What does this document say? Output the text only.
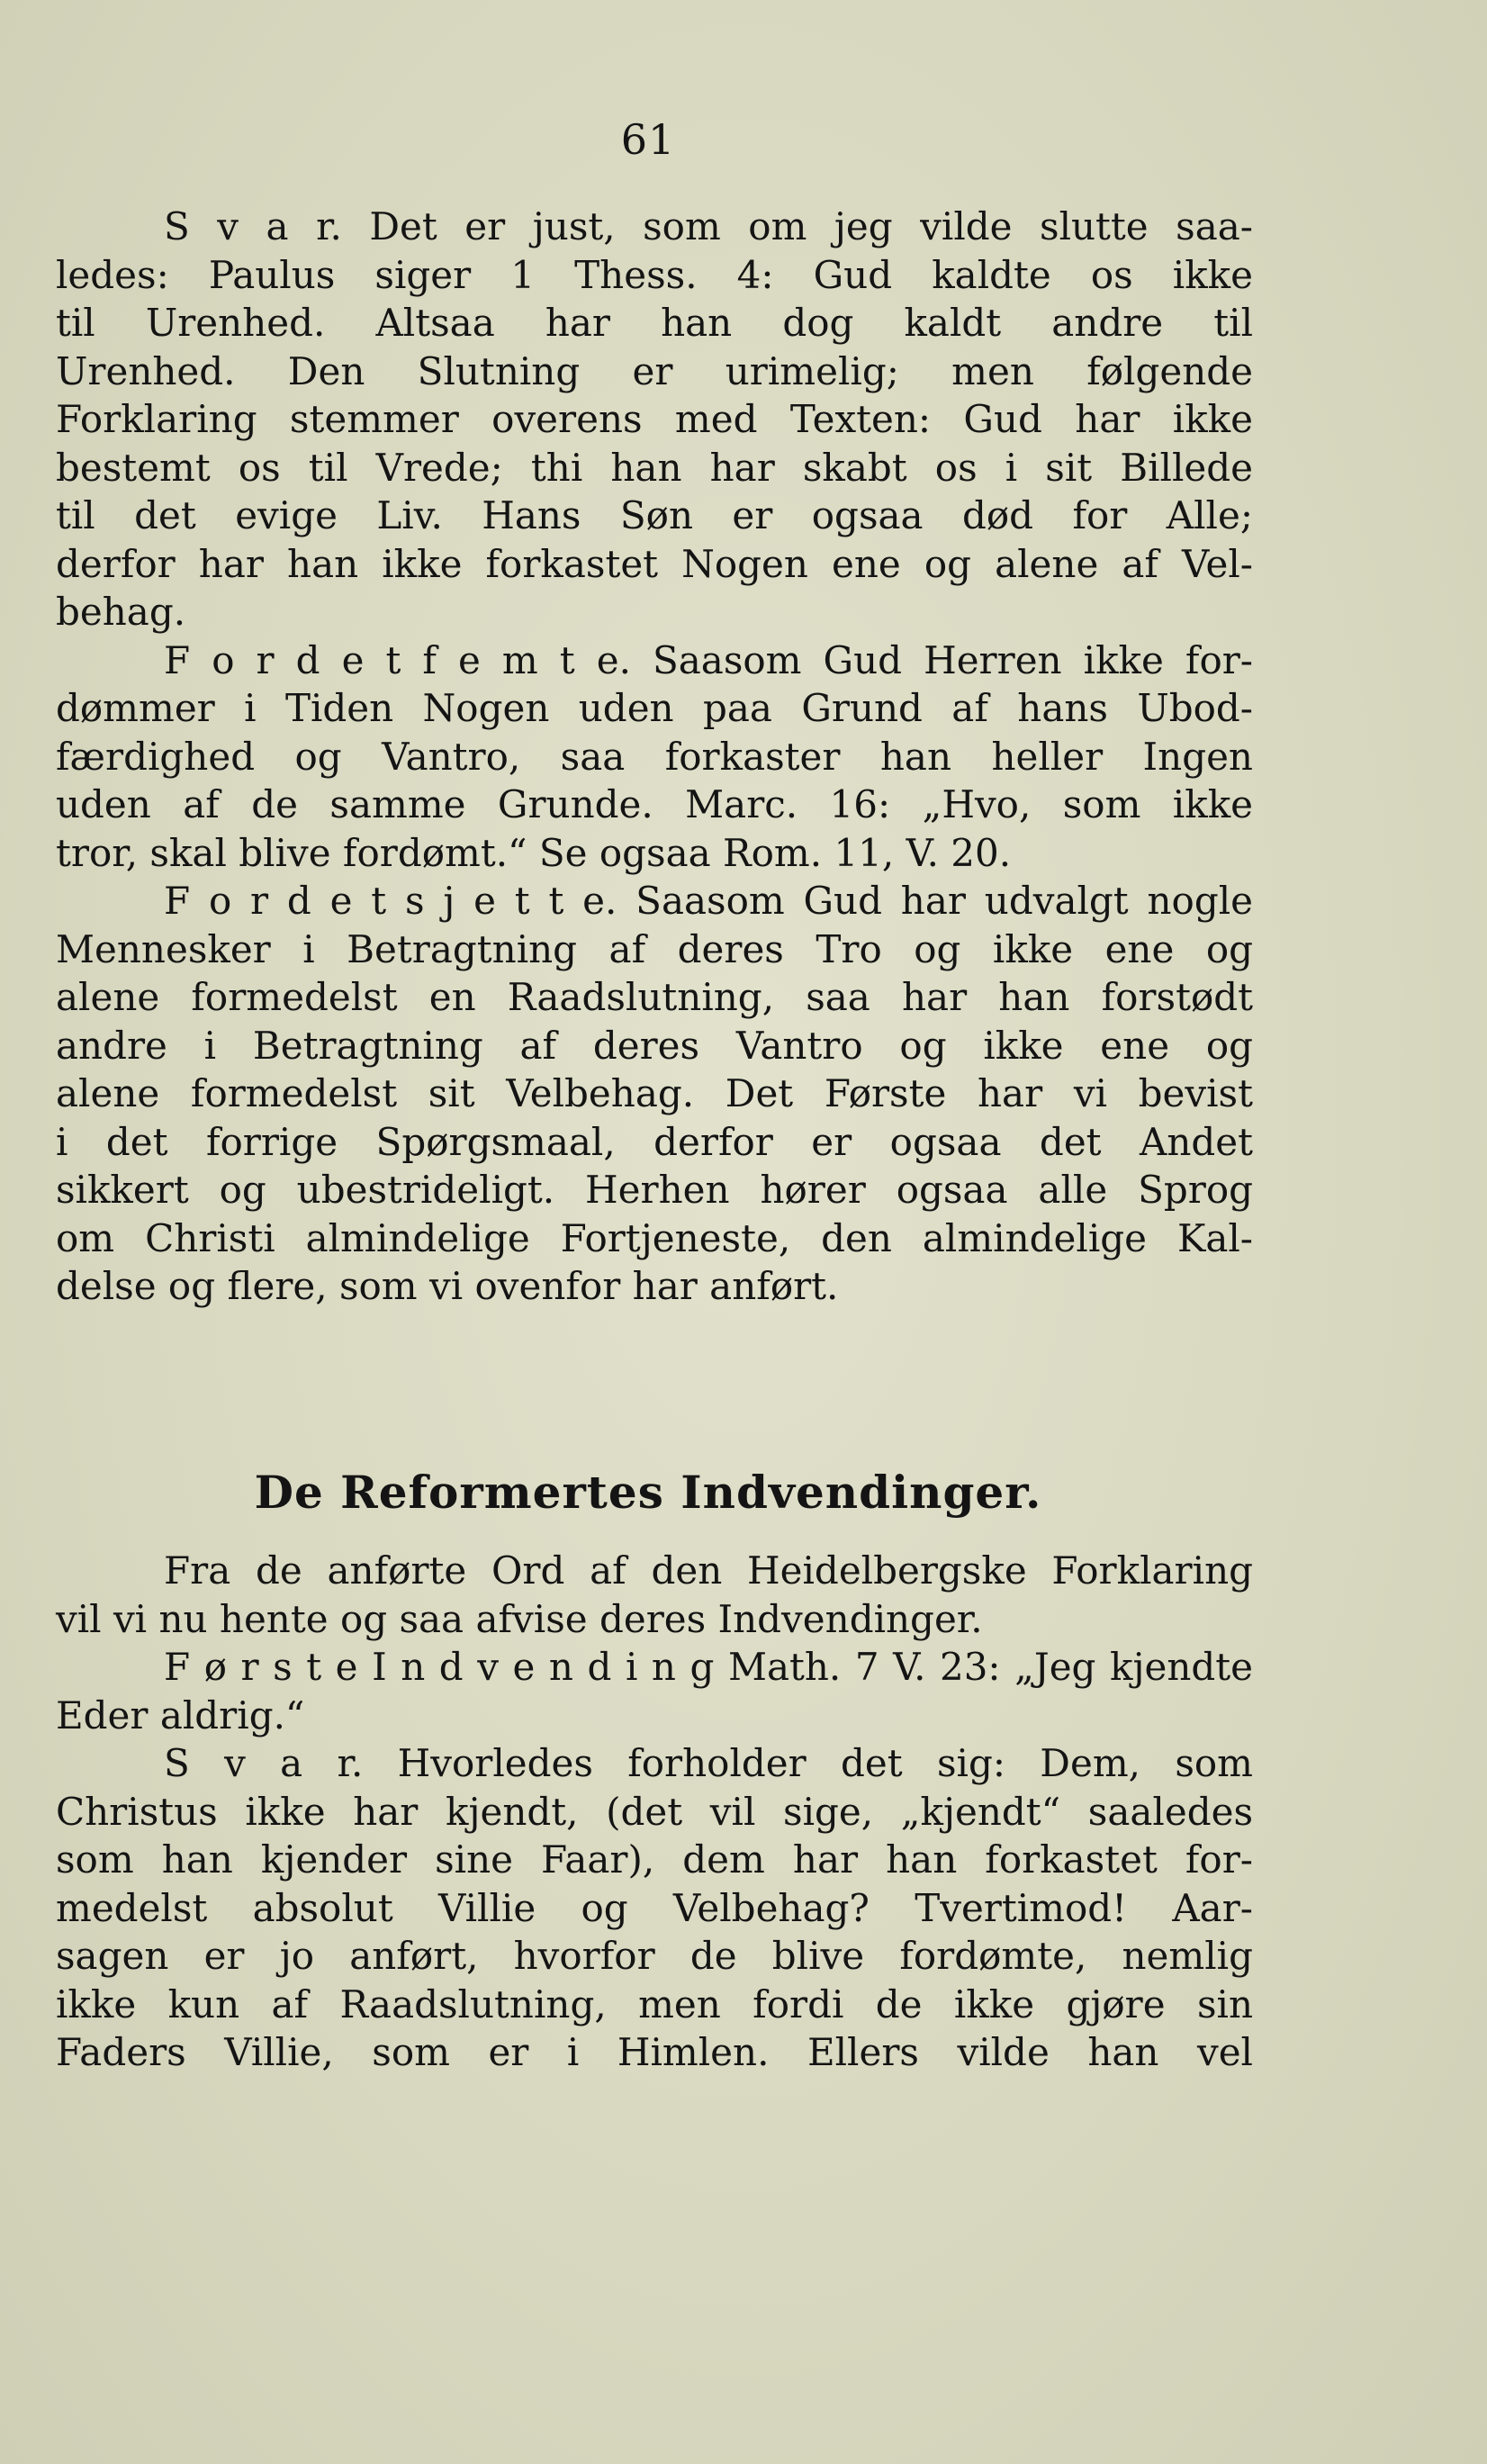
61
S v a r. Det er just, som om jeg vilde slutte saa-
ledes: Paulus siger 1 Thess. 4: Gud kaldte os ikke
til Urenhed. Altsaa har han dog kaldt andre til
Urenhed. Den Slutning er urimelig; men følgende
Forklaring stemmer overens med Texten: Gud har ikke
bestemt os til Vrede; thi han har skabt os i sit Billede
til det evige Liv. Hans Søn er ogsaa død for Alle;
derfor har han ikke forkastet Nogen ene og alene af Vel-
behag.
F o r d e t f e m t e. Saasom Gud Herren ikke for-
dømmer i Tiden Nogen uden paa Grund af hans Ubod-
færdighed og Vantro, saa forkaster han heller Ingen
uden af de samme Grunde. Marc. 16: „Hvo, som ikke
tror, skal blive fordømt.“ Se ogsaa Rom. 11, V. 20.
F o r d e t s j e t t e. Saasom Gud har udvalgt nogle
Mennesker i Betragtning af deres Tro og ikke ene og
alene formedelst en Raadslutning, saa har han forstødt
andre i Betragtning af deres Vantro og ikke ene og
alene formedelst sit Velbehag. Det Første har vi bevist
i det forrige Spørgsmaal, derfor er ogsaa det Andet
sikkert og ubestrideligt. Herhen hører ogsaa alle Sprog
om Christi almindelige Fortjeneste, den almindelige Kal-
delse og flere, som vi ovenfor har anført.
De Reformertes Indvendinger.
Fra de anførte Ord af den Heidelbergske Forklaring
vil vi nu hente og saa afvise deres Indvendinger.
F ø r s t e I n d v e n d i n g Math. 7 V. 23: „Jeg kjendte
Eder aldrig.“
S v a r. Hvorledes forholder det sig: Dem, som
Christus ikke har kjendt, (det vil sige, „kjendt“ saaledes
som han kjender sine Faar), dem har han forkastet for-
medelst absolut Villie og Velbehag? Tvertimod! Aar-
sagen er jo anført, hvorfor de blive fordømte, nemlig
ikke kun af Raadslutning, men fordi de ikke gjøre sin
Faders Villie, som er i Himlen. Ellers vilde han vel
